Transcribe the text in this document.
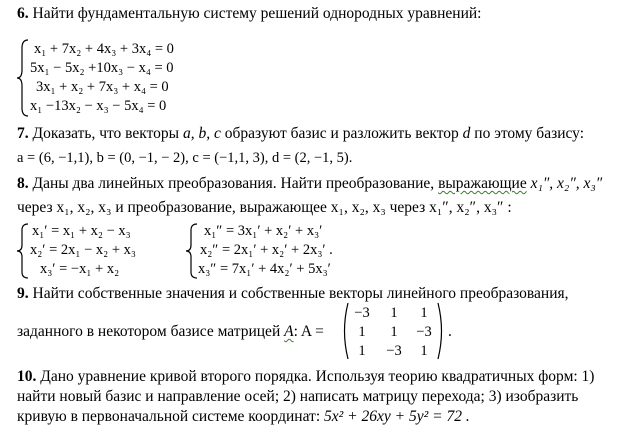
6. Найти фундаментальную систему решений однородных уравнений:
x₁ + 7x₂ + 4x₃ + 3x₄ = 0
5x₁ − 5x₂ +10x₃ − x₄ = 0
3x₁ + x₂ + 7x₃ + x₄ = 0
x₁ −13x₂ − x₃ − 5x₄ = 0
7. Доказать, что векторы a, b, c образуют базис и разложить вектор d по этому базису:
a = (6, −1,1), b = (0, −1, − 2), c = (−1,1, 3), d = (2, −1, 5).
8. Даны два линейных преобразования. Найти преобразование, выражающие x₁″, x₂″, x₃″
через x₁, x₂, x₃ и преобразование, выражающее x₁, x₂, x₃ через x₁″, x₂″, x₃″ :
x₁′ = x₁ + x₂ − x₃
x₂′ = 2x₁ − x₂ + x₃
x₃′ = −x₁ + x₂
x₁″ = 3x₁′ + x₂′ + x₃′
x₂″ = 2x₁′ + x₂′ + 2x₃′ .
x₃″ = 7x₁′ + 4x₂′ + 5x₃′
9. Найти собственные значения и собственные векторы линейного преобразования,
заданного в некотором базисе матрицей A: A =
−3	1	1
1	1	−3
1	−3	1
.
10. Дано уравнение кривой второго порядка. Используя теорию квадратичных форм: 1)
найти новый базис и направление осей; 2) написать матрицу перехода; 3) изобразить
кривую в первоначальной системе координат: 5x² + 26xy + 5y² = 72 .
